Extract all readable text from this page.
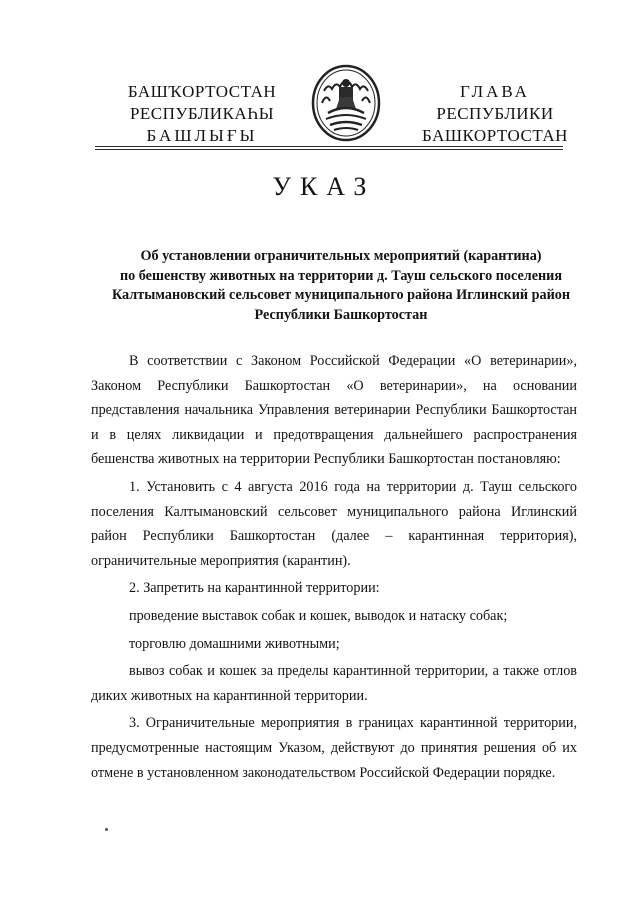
БАШҠОРТОСТАН
РЕСПУБЛИКАҺЫ
БАШЛЫҒЫ
ГЛАВА
РЕСПУБЛИКИ
БАШКОРТОСТАН
УКАЗ
Об установлении ограничительных мероприятий (карантина)
по бешенству животных на территории д. Тауш сельского поселения
Калтымановский сельсовет муниципального района Иглинский район
Республики Башкортостан

В соответствии с Законом Российской Федерации «О ветеринарии», Законом Республики Башкортостан «О ветеринарии», на основании представления начальника Управления ветеринарии Республики Башкортостан и в целях ликвидации и предотвращения дальнейшего распространения бешенства животных на территории Республики Башкортостан постановляю:

1. Установить с 4 августа 2016 года на территории д. Тауш сельского поселения Калтымановский сельсовет муниципального района Иглинский район Республики Башкортостан (далее – карантинная территория), ограничительные мероприятия (карантин).

2. Запретить на карантинной территории:

проведение выставок собак и кошек, выводок и натаску собак;

торговлю домашними животными;

вывоз собак и кошек за пределы карантинной территории, а также отлов диких животных на карантинной территории.

3. Ограничительные мероприятия в границах карантинной территории, предусмотренные настоящим Указом, действуют до принятия решения об их отмене в установленном законодательством Российской Федерации порядке.
